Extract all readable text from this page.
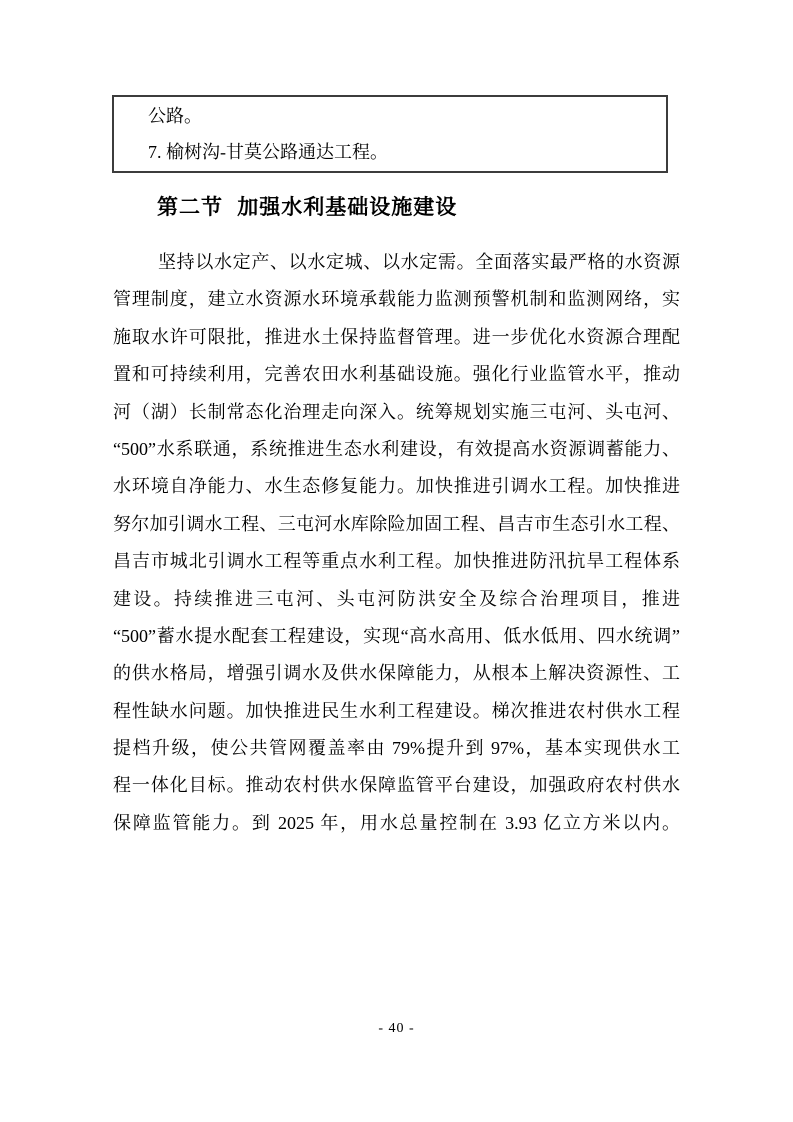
公路。
7. 榆树沟-甘莫公路通达工程。
第二节 加强水利基础设施建设
坚持以水定产、以水定城、以水定需。全面落实最严格的水资源
管理制度，建立水资源水环境承载能力监测预警机制和监测网络，实
施取水许可限批，推进水土保持监督管理。进一步优化水资源合理配
置和可持续利用，完善农田水利基础设施。强化行业监管水平，推动
河（湖）长制常态化治理走向深入。统筹规划实施三屯河、头屯河、
“500”水系联通，系统推进生态水利建设，有效提高水资源调蓄能力、
水环境自净能力、水生态修复能力。加快推进引调水工程。加快推进
努尔加引调水工程、三屯河水库除险加固工程、昌吉市生态引水工程、
昌吉市城北引调水工程等重点水利工程。加快推进防汛抗旱工程体系
建设。持续推进三屯河、头屯河防洪安全及综合治理项目，推进
“500”蓄水提水配套工程建设，实现“高水高用、低水低用、四水统调”
的供水格局，增强引调水及供水保障能力，从根本上解决资源性、工
程性缺水问题。加快推进民生水利工程建设。梯次推进农村供水工程
提档升级，使公共管网覆盖率由 79%提升到 97%，基本实现供水工
程一体化目标。推动农村供水保障监管平台建设，加强政府农村供水
保障监管能力。到 2025 年，用水总量控制在 3.93 亿立方米以内。
- 40 -
